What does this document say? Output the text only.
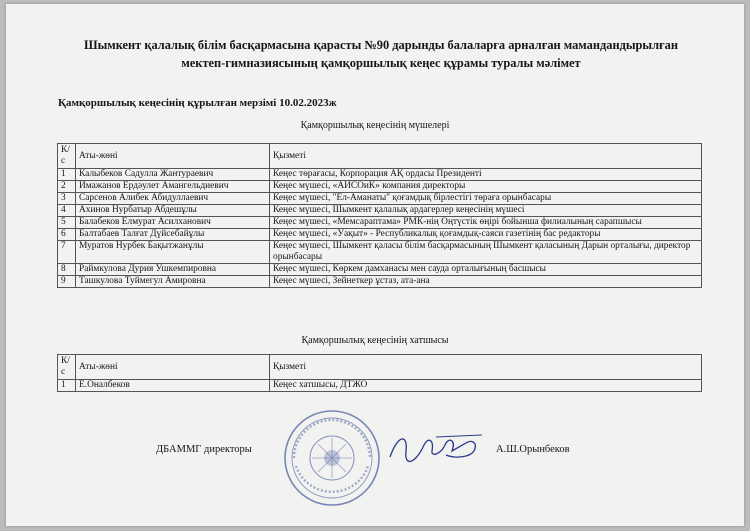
Шымкент қалалық білім басқармасына қарасты №90 дарынды балаларға арналған мамандандырылған мектеп-гимназиясының қамқоршылық кеңес құрамы туралы мәлімет
Қамқоршылық кеңесінің құрылған мерзімі 10.02.2023ж
Қамқоршылық кеңесінің мүшелері
К/с	Аты-жөні	Қызметі
1	Калыбеков Садулла Жантураевич	Кеңес төрағасы, Корпорация АҚ ордасы Президенті
2	Имажанов Ердәулет Амангельдиевич	Кеңес мүшесі, «АИСОиК» компания директоры
3	Сарсенов Алибек Абидуллаевич	Кеңес мүшесі, "Ел-Аманаты" қоғамдық бірлестігі төраға орынбасары
4	Ахинов Нурбатыр Абдешұлы	Кеңес мүшесі, Шымкент қалалық ардагерлер кеңесінің мүшесі
5	Балабеков Елмурат Асилханович	Кеңес мүшесі, «Мемсараптама» РМК-нің Оңтүстік өңірі бойынша филиалының сарапшысы
6	Балтабаев Талғат Дүйсебайұлы	Кеңес мүшесі, «Уақыт» - Республикалық қоғамдық-саяси газетінің бас редакторы
7	Муратов Нурбек Бақытжанұлы	Кеңес мүшесі, Шымкент қаласы білім басқармасының Шымкент қаласының Дарын орталығы, директор орынбасары
8	Раймкулова Дурия Ушкемпировна	Кеңес мүшесі, Көркем дамханасы мен сауда орталығының басшысы
9	Ташкулова Туймегул Амировна	Кеңес мүшесі, Зейнеткер ұстаз, ата-ана
Қамқоршылық кеңесінің хатшысы
К/с	Аты-жөні	Қызметі
1	Е.Оналбеков	Кеңес хатшысы, ДТЖО
ДБАММГ директоры	А.Ш.Орынбеков
